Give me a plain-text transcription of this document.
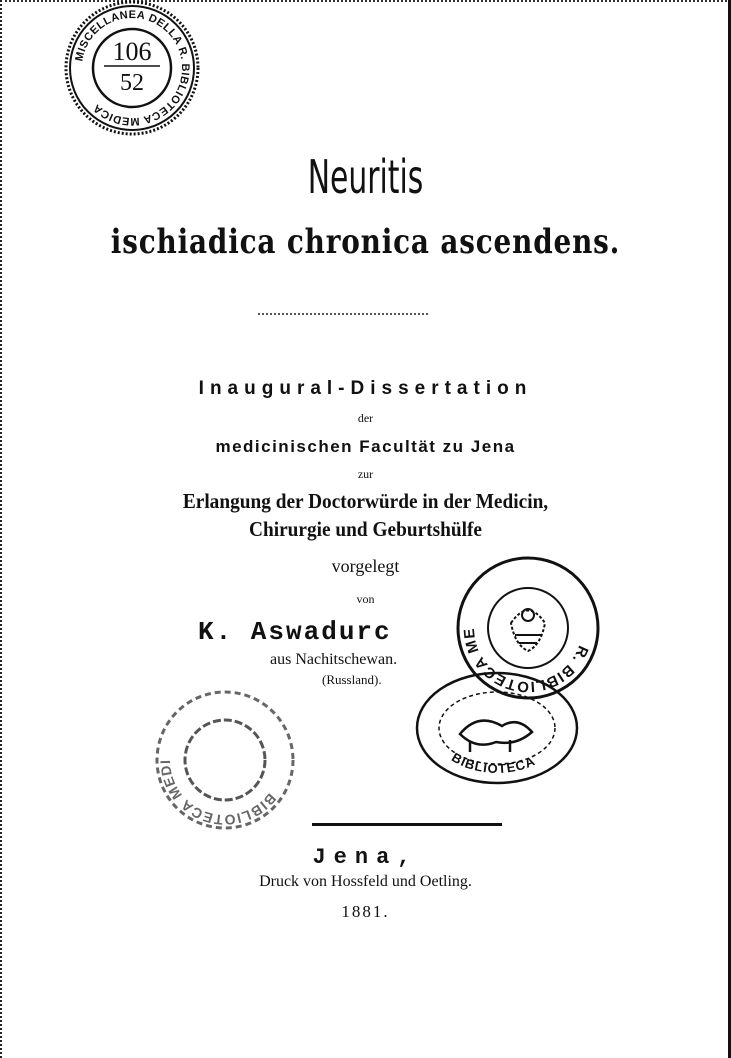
MISCELLANEA DELLA R. BIBLIOTECA MEDICA
106
52
Neuritis
ischiadica chronica ascendens.
Inaugural-Dissertation
der
medicinischen Facultät zu Jena
zur
Erlangung der Doctorwürde in der Medicin,
Chirurgie und Geburtshülfe
vorgelegt
von
K. Aswadurc
aus Nachitschewan.
(Russland).
R. BIBLIOTECA MEDICA ★ ROMA ★
BIBLIOTECA
BIBLIOTECA MEDICA
Jena,
Druck von Hossfeld und Oetling.
1881.
